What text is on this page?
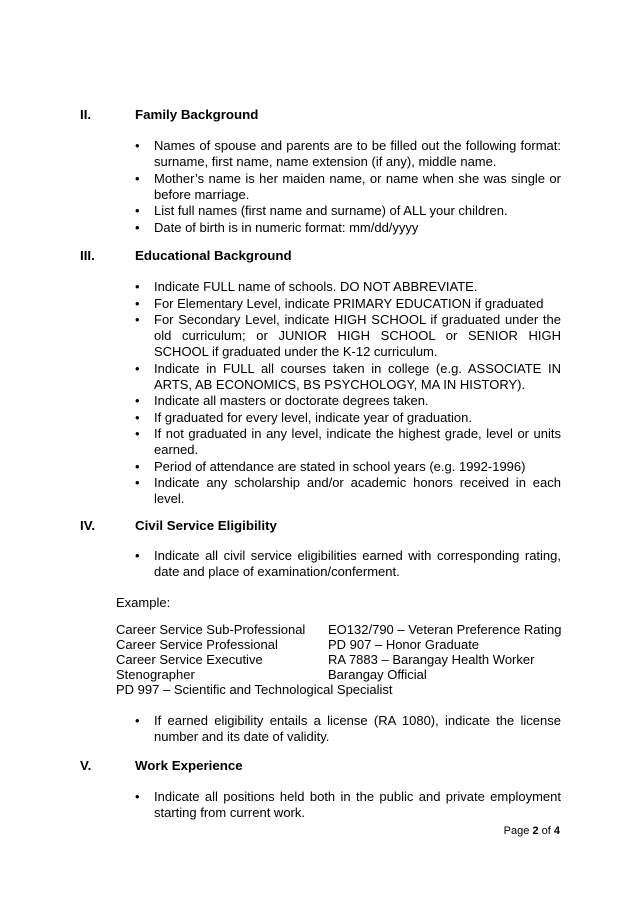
II.	Family Background
• Names of spouse and parents are to be filled out the following format: surname, first name, name extension (if any), middle name.
• Mother’s name is her maiden name, or name when she was single or before marriage.
• List full names (first name and surname) of ALL your children.
• Date of birth is in numeric format: mm/dd/yyyy
III.	Educational Background
• Indicate FULL name of schools. DO NOT ABBREVIATE.
• For Elementary Level, indicate PRIMARY EDUCATION if graduated
• For Secondary Level, indicate HIGH SCHOOL if graduated under the old curriculum; or JUNIOR HIGH SCHOOL or SENIOR HIGH SCHOOL if graduated under the K-12 curriculum.
• Indicate in FULL all courses taken in college (e.g. ASSOCIATE IN ARTS, AB ECONOMICS, BS PSYCHOLOGY, MA IN HISTORY).
• Indicate all masters or doctorate degrees taken.
• If graduated for every level, indicate year of graduation.
• If not graduated in any level, indicate the highest grade, level or units earned.
• Period of attendance are stated in school years (e.g. 1992-1996)
• Indicate any scholarship and/or academic honors received in each level.
IV.	Civil Service Eligibility
• Indicate all civil service eligibilities earned with corresponding rating, date and place of examination/conferment.
Example:
Career Service Sub-Professional	EO132/790 – Veteran Preference Rating
Career Service Professional	PD 907 – Honor Graduate
Career Service Executive	RA 7883 – Barangay Health Worker
Stenographer	Barangay Official
PD 997 – Scientific and Technological Specialist
• If earned eligibility entails a license (RA 1080), indicate the license number and its date of validity.
V.	Work Experience
• Indicate all positions held both in the public and private employment starting from current work.
Page 2 of 4
